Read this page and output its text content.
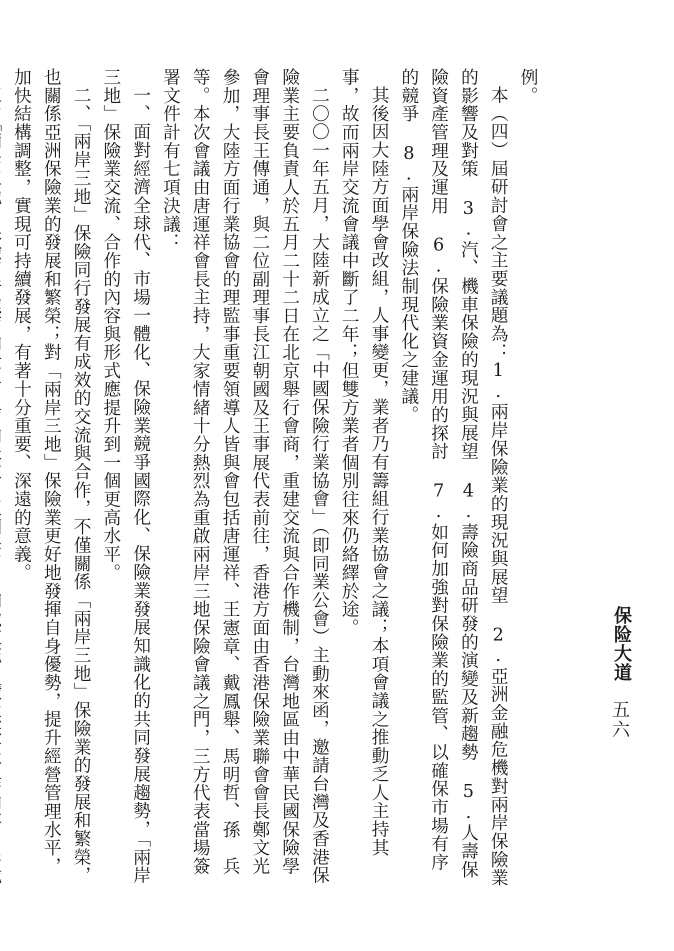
保险大道
五六

例。

本（四）屆研討會之主要議題為：1.兩岸保險業的現況與展望 2.亞洲金融危機對兩岸保險業的影響及對策 3.汽、機車保險的現況與展望 4.壽險商品研發的演變及新趨勢 5.人壽保險資產管理及運用 6.保險業資金運用的探討 7.如何加強對保險業的監管、以確保市場有序的競爭 8.兩岸保險法制現代化之建議。

其後因大陸方面學會改組，人事變更，業者乃有籌組行業協會之議；本項會議之推動乏人主持其事，故而兩岸交流會議中斷了二年；但雙方業者個別往來仍絡繹於途。

二〇〇一年五月，大陸新成立之「中國保險行業協會」（即同業公會）主動來函，邀請台灣及香港保險業主要負責人於五月二十二日在北京舉行會商，重建交流與合作機制，台灣地區由中華民國保險學會理事長王傳通，與二位副理事長江朝國及王事展代表前往，香港方面由香港保險業聯會會長鄭文光參加，大陸方面行業協會的理監事重要領導人皆與會包括唐運祥、王憲章、戴鳳舉、馬明哲、孫　兵等。本次會議由唐運祥會長主持，大家情緒十分熱烈為重啟兩岸三地保險會議之門，三方代表當場簽署文件計有七項決議：

一、面對經濟全球代、市場一體化、保險業競爭國際化、保險業發展知識化的共同發展趨勢，「兩岸三地」保險業交流、合作的內容與形式應提升到一個更高水平。

二、「兩岸三地」保險同行發展有成效的交流與合作，不僅關係「兩岸三地」保險業的發展和繁榮，也關係亞洲保險業的發展和繁榮；對「兩岸三地」保險業更好地發揮自身優勢，提升經營管理水平，加快結構調整，實現可持續發展，有著十分重要、深遠的意義。
